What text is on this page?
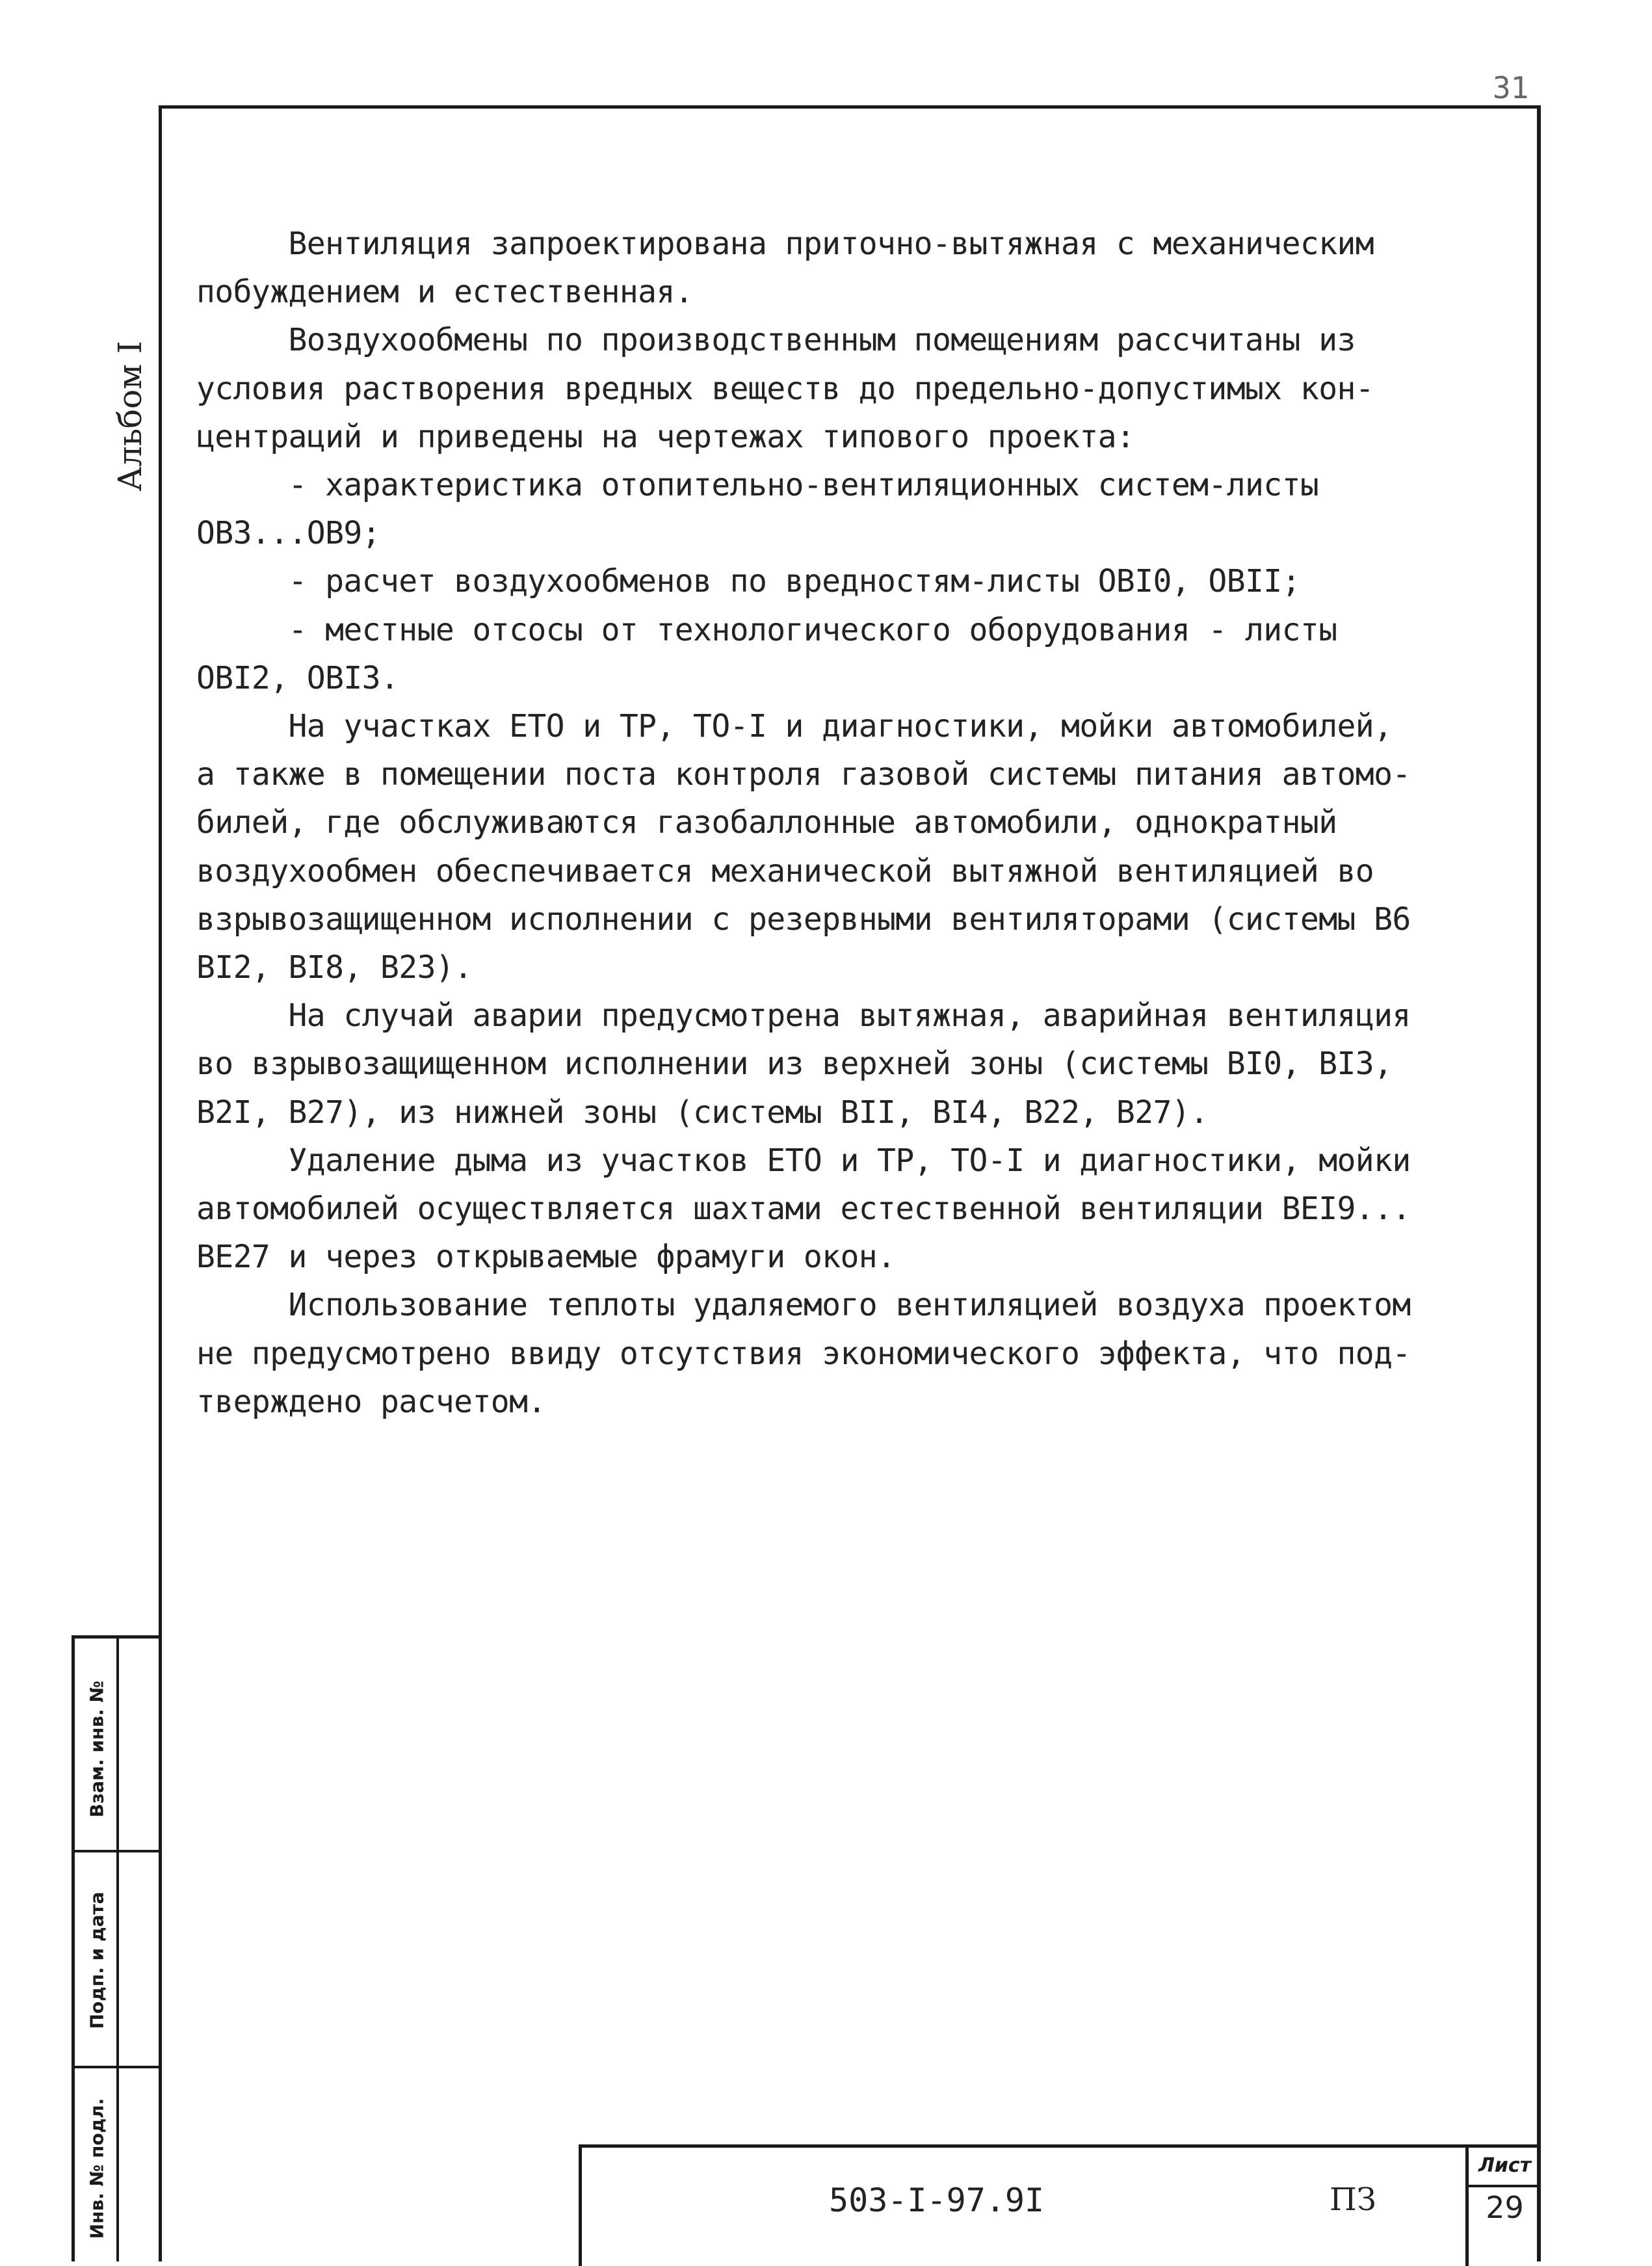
31
Альбом I
Взам. инв. №
Подп. и дата
Инв. № подл.
Вентиляция запроектирована приточно-вытяжная с механическим
побуждением и естественная.
Воздухообмены по производственным помещениям рассчитаны из
условия растворения вредных веществ до предельно-допустимых кон-
центраций и приведены на чертежах типового проекта:
- характеристика отопительно-вентиляционных систем-листы
ОВ3...ОВ9;
- расчет воздухообменов по вредностям-листы ОВI0, ОВII;
- местные отсосы от технологического оборудования - листы
ОВI2, ОВI3.
На участках ЕТО и ТР, ТО-I и диагностики, мойки автомобилей,
а также в помещении поста контроля газовой системы питания автомо-
билей, где обслуживаются газобаллонные автомобили, однократный
воздухообмен обеспечивается механической вытяжной вентиляцией во
взрывозащищенном исполнении с резервными вентиляторами (системы В6
ВI2, ВI8, В23).
На случай аварии предусмотрена вытяжная, аварийная вентиляция
во взрывозащищенном исполнении из верхней зоны (системы ВI0, ВI3,
В2I, В27), из нижней зоны (системы ВII, ВI4, В22, В27).
Удаление дыма из участков ЕТО и ТР, ТО-I и диагностики, мойки
автомобилей осуществляется шахтами естественной вентиляции ВЕI9...
ВЕ27 и через открываемые фрамуги окон.
Использование теплоты удаляемого вентиляцией воздуха проектом
не предусмотрено ввиду отсутствия экономического эффекта, что под-
тверждено расчетом.
503-I-97.9I	ПЗ
Лист
29
